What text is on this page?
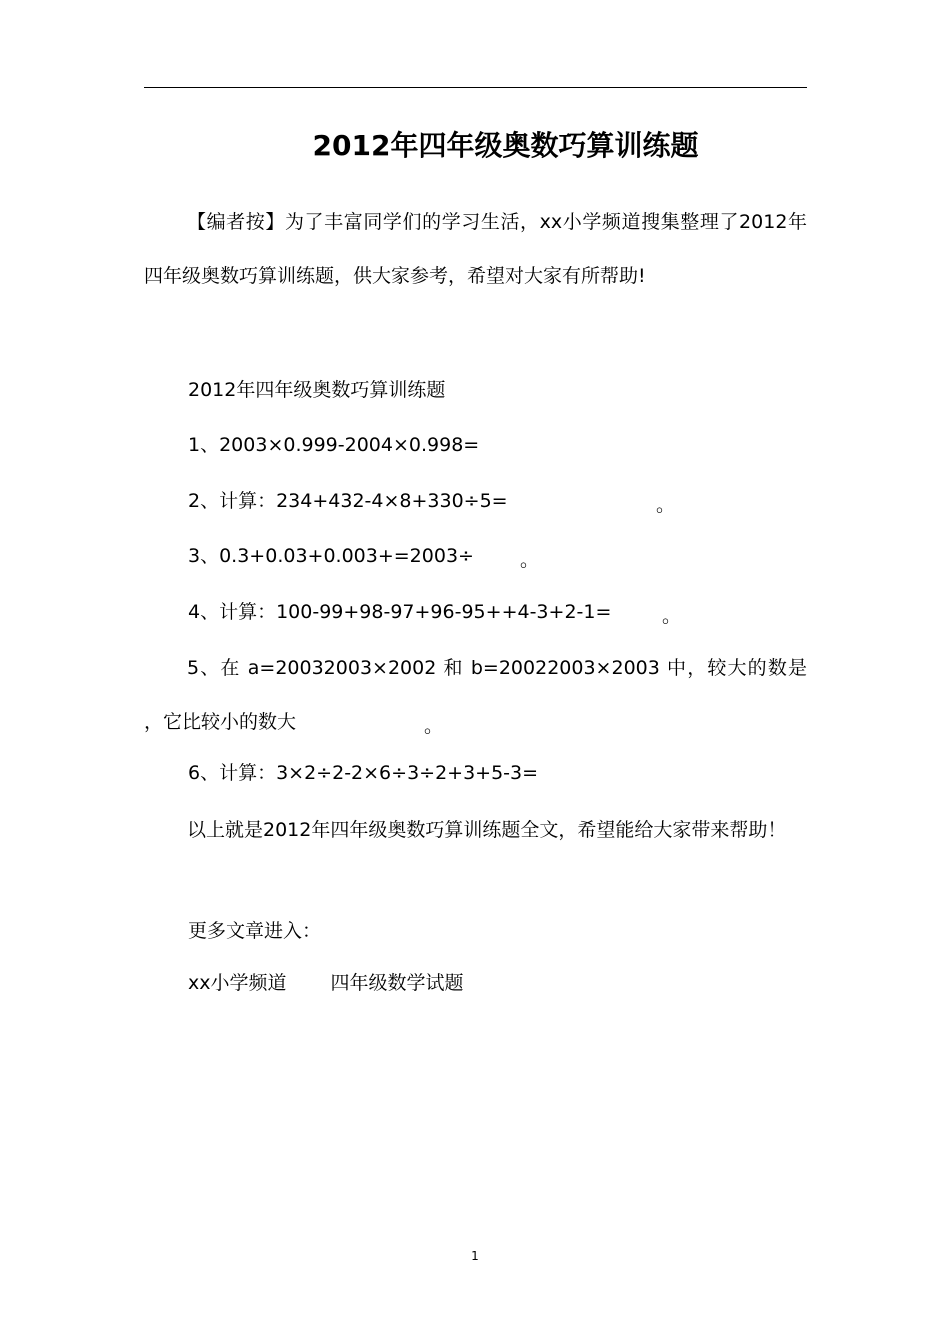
2012年四年级奥数巧算训练题
【编者按】为了丰富同学们的学习生活，xx小学频道搜集整理了2012年四年级奥数巧算训练题，供大家参考，希望对大家有所帮助!
2012年四年级奥数巧算训练题
1、2003×0.999-2004×0.998=
2、计算：234+432-4×8+330÷5=	。
3、0.3+0.03+0.003+=2003÷ 。
4、计算：100-99+98-97+96-95++4-3+2-1=	。
5、在 a=20032003×2002 和 b=20022003×2003 中，较大的数是
，它比较小的数大	。
6、计算：3×2÷2-2×6÷3÷2+3+5-3=
以上就是2012年四年级奥数巧算训练题全文，希望能给大家带来帮助！
更多文章进入：
xx小学频道 四年级数学试题
1
